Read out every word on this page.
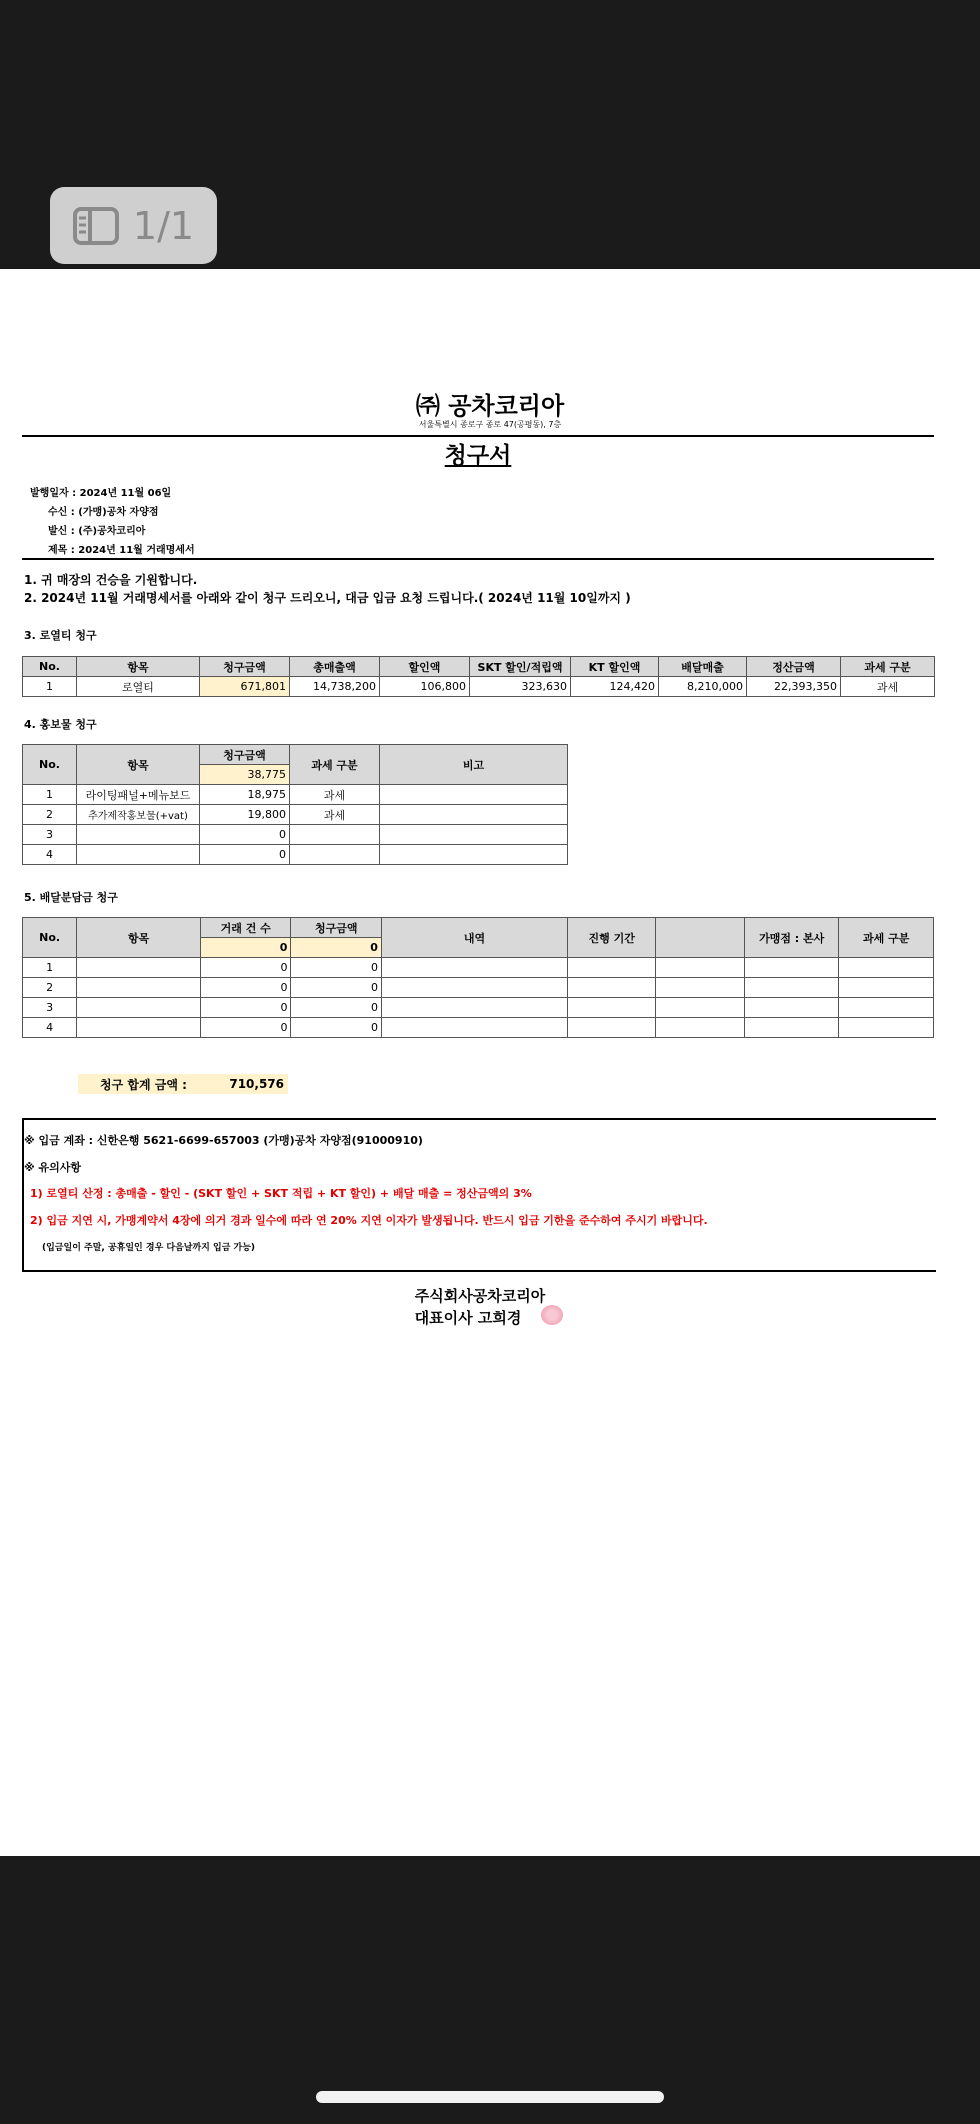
1/1
㈜ 공차코리아
서울특별시 종로구 종로 47(공평동), 7층
청구서
발행일자 : 2024년 11월 06일
수신 : (가맹)공차 자양점
발신 : (주)공차코리아
제목 : 2024년 11월 거래명세서
1. 귀 매장의 건승을 기원합니다.
2. 2024년 11월 거래명세서를 아래와 같이 청구 드리오니, 대금 입금 요청 드립니다.( 2024년 11월 10일까지 )
3. 로열티 청구
No.	항목	청구금액	총매출액	할인액	SKT 할인/적립액	KT 할인액	배달매출	정산금액	과세 구분
1	로열티	671,801	14,738,200	106,800	323,630	124,420	8,210,000	22,393,350	과세
4. 홍보물 청구
No.	항목	청구금액	과세 구분	비고
		38,775		
1	라이팅패널+메뉴보드	18,975	과세	
2	추가제작홍보물(+vat)	19,800	과세	
3		0		
4		0		
5. 배달분담금 청구
No.	항목	거래 건 수	청구금액	내역	진행 기간		가맹점 : 본사	과세 구분
		0	0					
1		0	0					
2		0	0					
3		0	0					
4		0	0					
청구 합계 금액 :	710,576
※ 입금 계좌 : 신한은행 5621-6699-657003 (가맹)공차 자양점(91000910)
※ 유의사항
1) 로열티 산정 : 총매출 - 할인 - (SKT 할인 + SKT 적립 + KT 할인) + 배달 매출 = 정산금액의 3%
2) 입금 지연 시, 가맹계약서 4장에 의거 경과 일수에 따라 연 20% 지연 이자가 발생됩니다. 반드시 입금 기한을 준수하여 주시기 바랍니다.
(입금일이 주말, 공휴일인 경우 다음날까지 입금 가능)
주식회사공차코리아
대표이사 고희경
